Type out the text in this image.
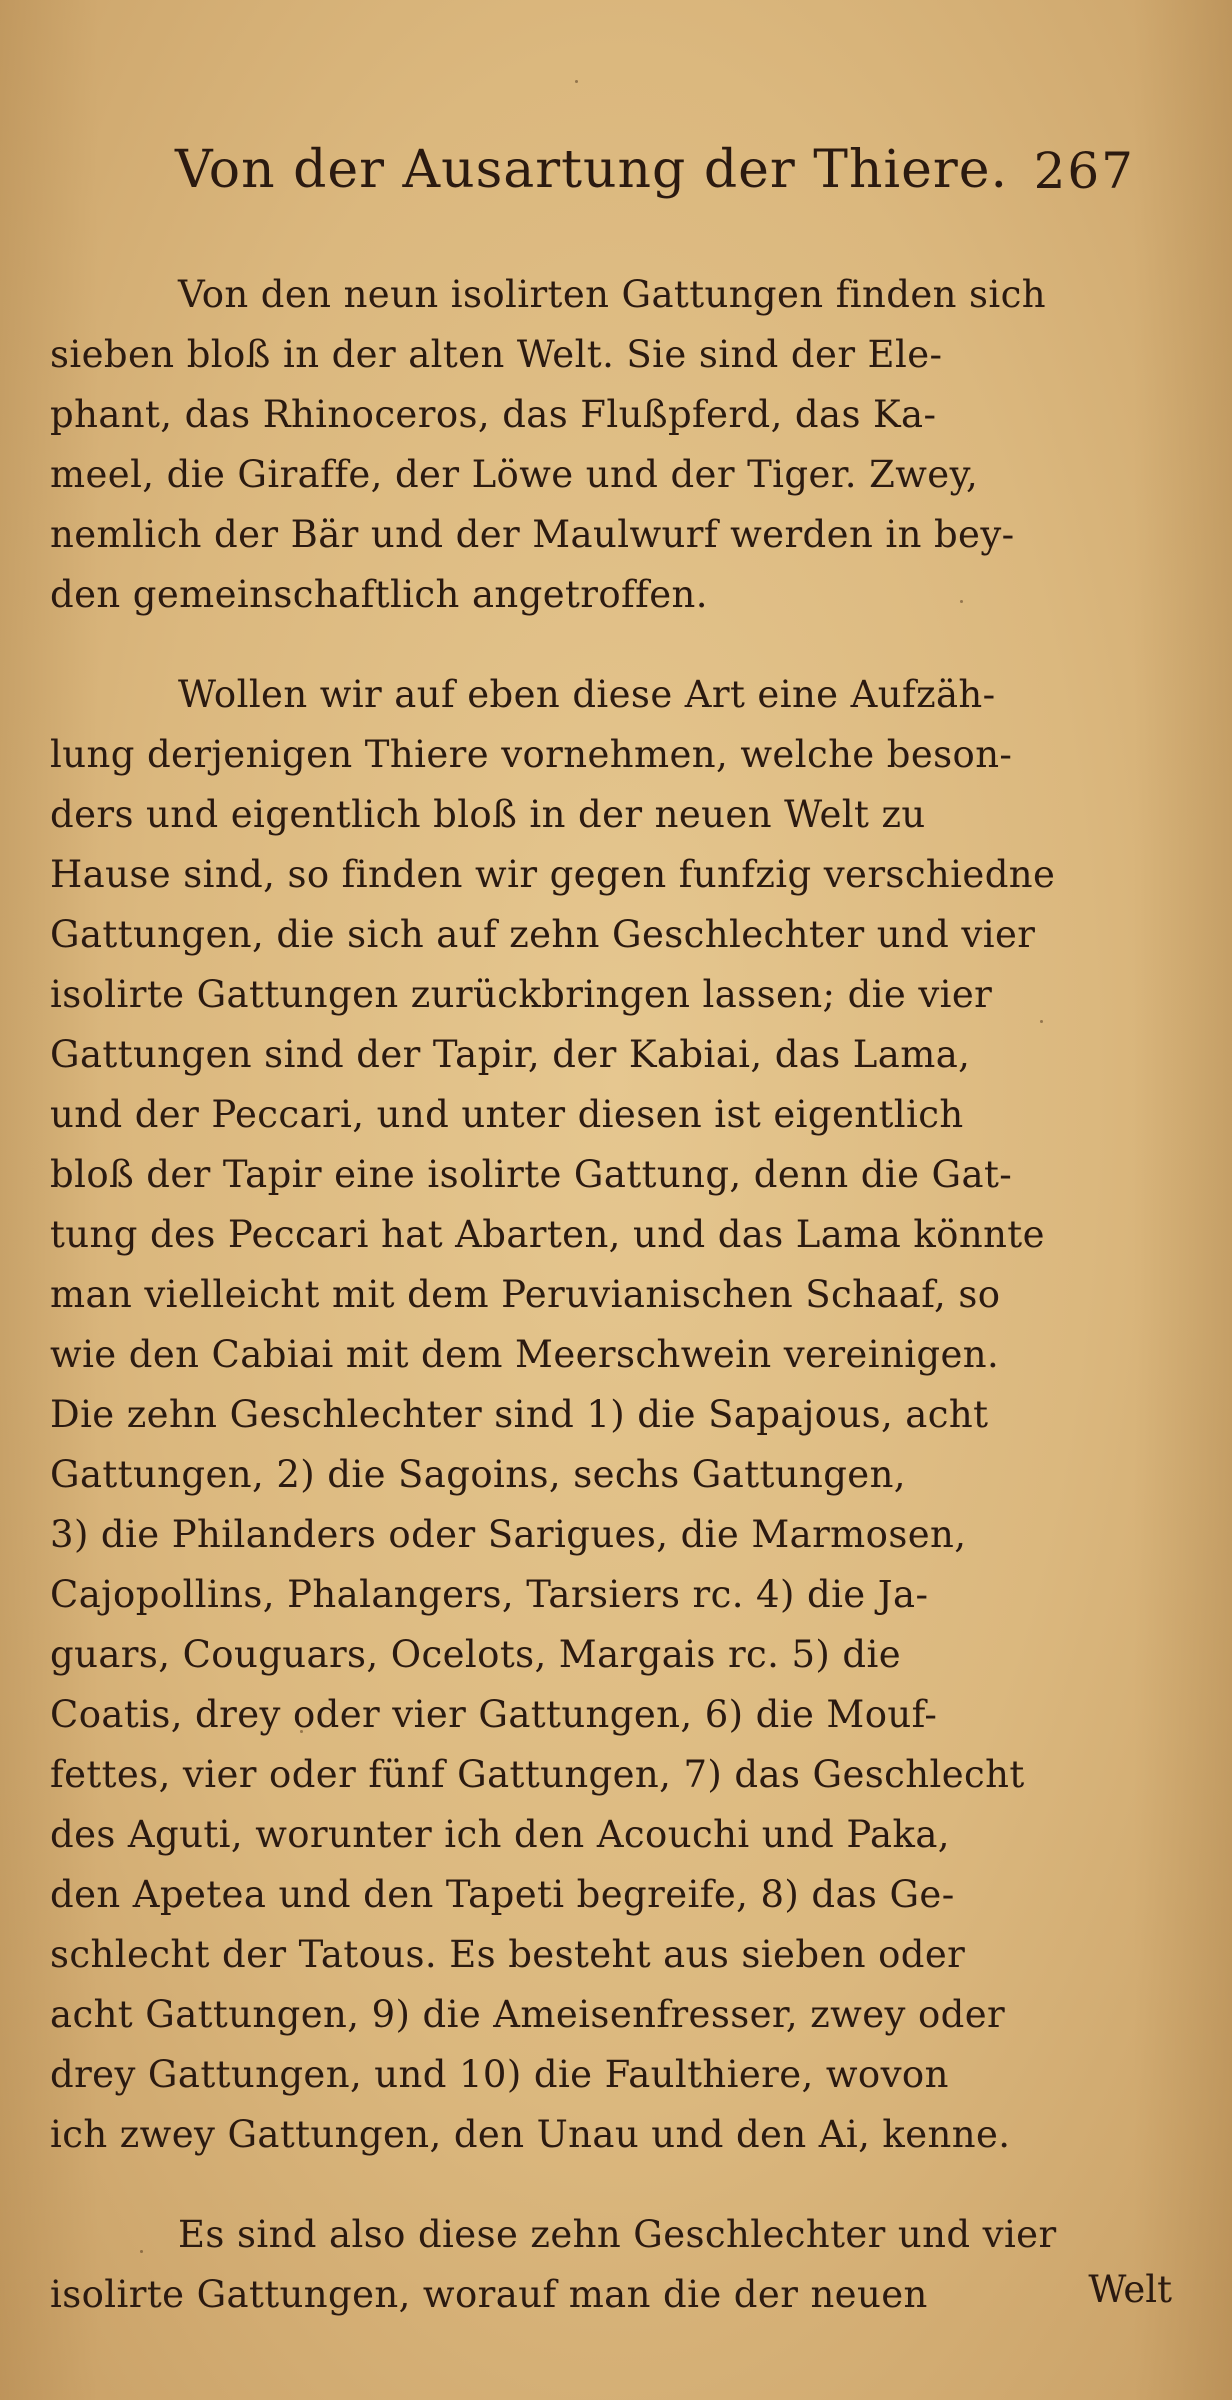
Von der Ausartung der Thiere. 267
Von den neun isolirten Gattungen finden sich
sieben bloß in der alten Welt. Sie sind der Ele-
phant, das Rhinoceros, das Flußpferd, das Ka-
meel, die Giraffe, der Löwe und der Tiger. Zwey,
nemlich der Bär und der Maulwurf werden in bey-
den gemeinschaftlich angetroffen.
Wollen wir auf eben diese Art eine Aufzäh-
lung derjenigen Thiere vornehmen, welche beson-
ders und eigentlich bloß in der neuen Welt zu
Hause sind, so finden wir gegen funfzig verschiedne
Gattungen, die sich auf zehn Geschlechter und vier
isolirte Gattungen zurückbringen lassen; die vier
Gattungen sind der Tapir, der Kabiai, das Lama,
und der Peccari, und unter diesen ist eigentlich
bloß der Tapir eine isolirte Gattung, denn die Gat-
tung des Peccari hat Abarten, und das Lama könnte
man vielleicht mit dem Peruvianischen Schaaf, so
wie den Cabiai mit dem Meerschwein vereinigen.
Die zehn Geschlechter sind 1) die Sapajous, acht
Gattungen, 2) die Sagoins, sechs Gattungen,
3) die Philanders oder Sarigues, die Marmosen,
Cajopollins, Phalangers, Tarsiers rc. 4) die Ja-
guars, Couguars, Ocelots, Margais rc. 5) die
Coatis, drey oder vier Gattungen, 6) die Mouf-
fettes, vier oder fünf Gattungen, 7) das Geschlecht
des Aguti, worunter ich den Acouchi und Paka,
den Apetea und den Tapeti begreife, 8) das Ge-
schlecht der Tatous. Es besteht aus sieben oder
acht Gattungen, 9) die Ameisenfresser, zwey oder
drey Gattungen, und 10) die Faulthiere, wovon
ich zwey Gattungen, den Unau und den Ai, kenne.
Es sind also diese zehn Geschlechter und vier
isolirte Gattungen, worauf man die der neuen	Welt
